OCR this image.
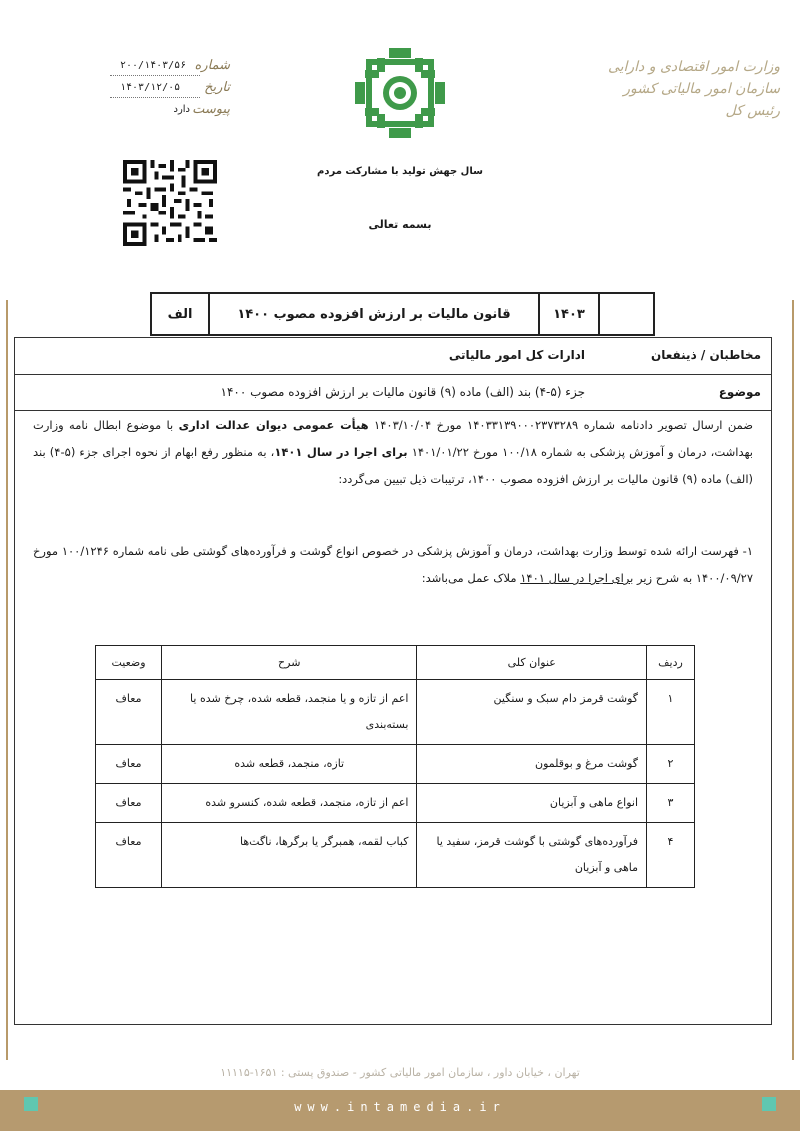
۲۰۰/۱۴۰۳/۵۶ شماره
۱۴۰۳/۱۲/۰۵ تاریخ
دارد پیوست
سال جهش تولید با مشارکت مردم
بسمه تعالی
وزارت امور اقتصادی و دارایی
سازمان امور مالیاتی کشور
رئیس کل
۱۴۰۳
قانون مالیات بر ارزش افزوده مصوب ۱۴۰۰
الف
مخاطبان / ذینفعان
ادارات کل امور مالیاتی
موضوع
جزء (۵-۴) بند (الف) ماده (۹) قانون مالیات بر ارزش افزوده مصوب ۱۴۰۰

ضمن ارسال تصویر دادنامه شماره ۱۴۰۳۳۱۳۹۰۰۰۲۳۷۳۲۸۹ مورخ ۱۴۰۳/۱۰/۰۴ هیأت عمومی دیوان عدالت اداری با موضوع ابطال نامه وزارت بهداشت، درمان و آموزش پزشکی به شماره ۱۰۰/۱۸ مورخ ۱۴۰۱/۰۱/۲۲ برای اجرا در سال ۱۴۰۱، به منظور رفع ابهام از نحوه اجرای جزء (۵-۴) بند (الف) ماده (۹) قانون مالیات بر ارزش افزوده مصوب ۱۴۰۰، ترتیبات ذیل تبیین می‌گردد:

۱- فهرست ارائه شده توسط وزارت بهداشت، درمان و آموزش پزشکی در خصوص انواع گوشت و فرآورده‌های گوشتی طی نامه شماره ۱۰۰/۱۲۴۶ مورخ ۱۴۰۰/۰۹/۲۷ به شرح زیر برای اجرا در سال ۱۴۰۱ ملاک عمل می‌باشد:

ردیف	عنوان کلی	شرح	وضعیت
۱	گوشت قرمز دام سبک و سنگین	اعم از تازه و یا منجمد، قطعه شده، چرخ شده یا بسته‌بندی	معاف
۲	گوشت مرغ و بوقلمون	تازه، منجمد، قطعه شده	معاف
۳	انواع ماهی و آبزیان	اعم از تازه، منجمد، قطعه شده، کنسرو شده	معاف
۴	فرآورده‌های گوشتی با گوشت قرمز، سفید یا ماهی و آبزیان	کباب لقمه، همبرگر یا برگرها، ناگت‌ها	معاف
تهران ، خیابان داور ، سازمان امور مالیاتی کشور - صندوق پستی : ۱۶۵۱-۱۱۱۱۵
www.intamedia.ir
